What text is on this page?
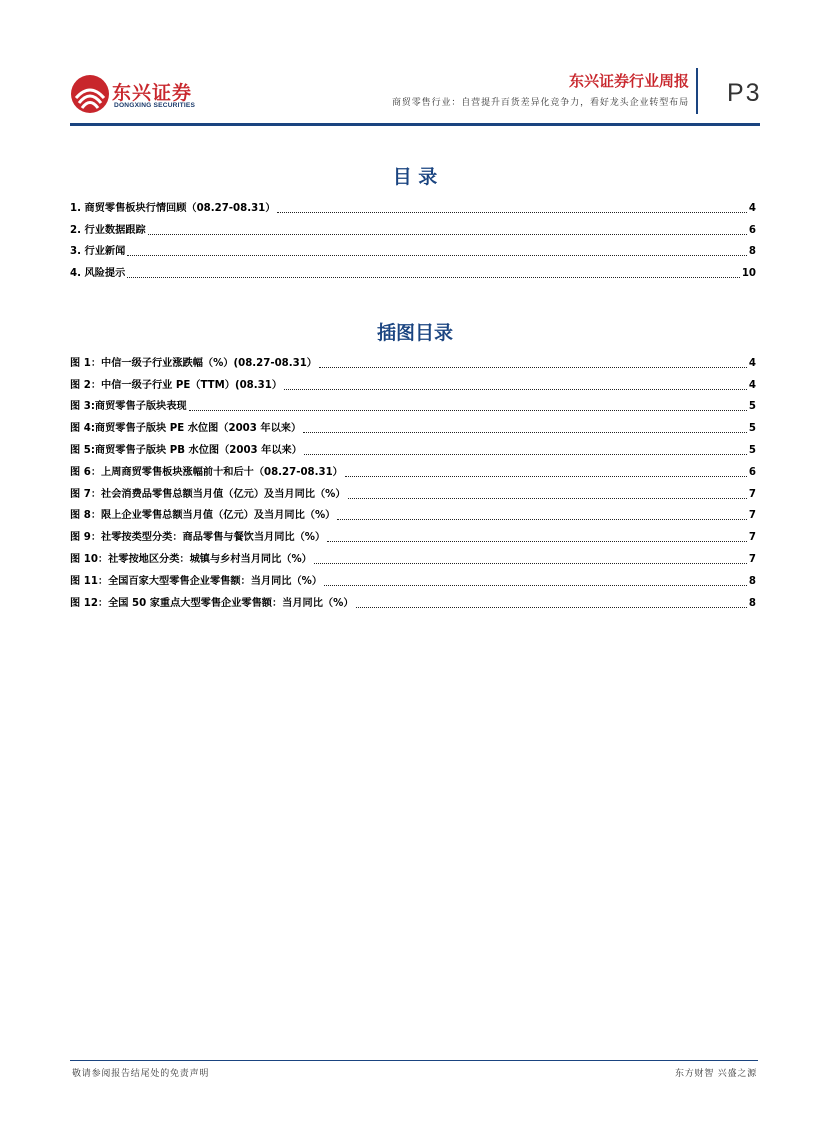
东兴证券
DONGXING SECURITIES
东兴证券行业周报
商贸零售行业：自营提升百货差异化竞争力，看好龙头企业转型布局 P3
目 录
1. 商贸零售板块行情回顾（08.27-08.31）	4
2. 行业数据跟踪	6
3. 行业新闻	8
4. 风险提示	10
插图目录
图 1：中信一级子行业涨跌幅（%）(08.27-08.31）	4
图 2：中信一级子行业 PE（TTM）(08.31）	4
图 3:商贸零售子版块表现	5
图 4:商贸零售子版块 PE 水位图（2003 年以来）	5
图 5:商贸零售子版块 PB 水位图（2003 年以来）	5
图 6：上周商贸零售板块涨幅前十和后十（08.27-08.31）	6
图 7：社会消费品零售总额当月值（亿元）及当月同比（%）	7
图 8：限上企业零售总额当月值（亿元）及当月同比（%）	7
图 9：社零按类型分类：商品零售与餐饮当月同比（%）	7
图 10：社零按地区分类：城镇与乡村当月同比（%）	7
图 11：全国百家大型零售企业零售额：当月同比（%）	8
图 12：全国 50 家重点大型零售企业零售额：当月同比（%）	8
敬请参阅报告结尾处的免责声明	东方财智 兴盛之源
